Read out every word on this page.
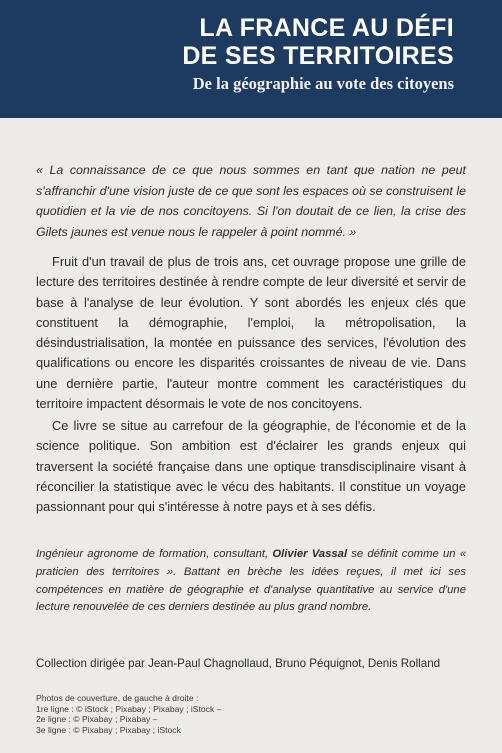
LA FRANCE AU DÉFI
DE SES TERRITOIRES
De la géographie au vote des citoyens
« La connaissance de ce que nous sommes en tant que nation ne peut s'affranchir d'une vision juste de ce que sont les espaces où se construisent le quotidien et la vie de nos concitoyens. Si l'on doutait de ce lien, la crise des Gilets jaunes est venue nous le rappeler à point nommé. »
Fruit d'un travail de plus de trois ans, cet ouvrage propose une grille de lecture des territoires destinée à rendre compte de leur diversité et servir de base à l'analyse de leur évolution. Y sont abordés les enjeux clés que constituent la démographie, l'emploi, la métropolisation, la désindustrialisation, la montée en puissance des services, l'évolution des qualifications ou encore les disparités croissantes de niveau de vie. Dans une dernière partie, l'auteur montre comment les caractéristiques du territoire impactent désormais le vote de nos concitoyens.
Ce livre se situe au carrefour de la géographie, de l'économie et de la science politique. Son ambition est d'éclairer les grands enjeux qui traversent la société française dans une optique transdisciplinaire visant à réconcilier la statistique avec le vécu des habitants. Il constitue un voyage passionnant pour qui s'intéresse à notre pays et à ses défis.
Ingénieur agronome de formation, consultant, Olivier Vassal se définit comme un « praticien des territoires ». Battant en brèche les idées reçues, il met ici ses compétences en matière de géographie et d'analyse quantitative au service d'une lecture renouvelée de ces derniers destinée au plus grand nombre.
Collection dirigée par Jean-Paul Chagnollaud, Bruno Péquignot, Denis Rolland
Photos de couverture, de gauche à droite :
1re ligne : © iStock ; Pixabay ; Pixabay ; iStock –
2e ligne : © Pixabay ; Pixabay –
3e ligne : © Pixabay ; Pixabay ; iStock
